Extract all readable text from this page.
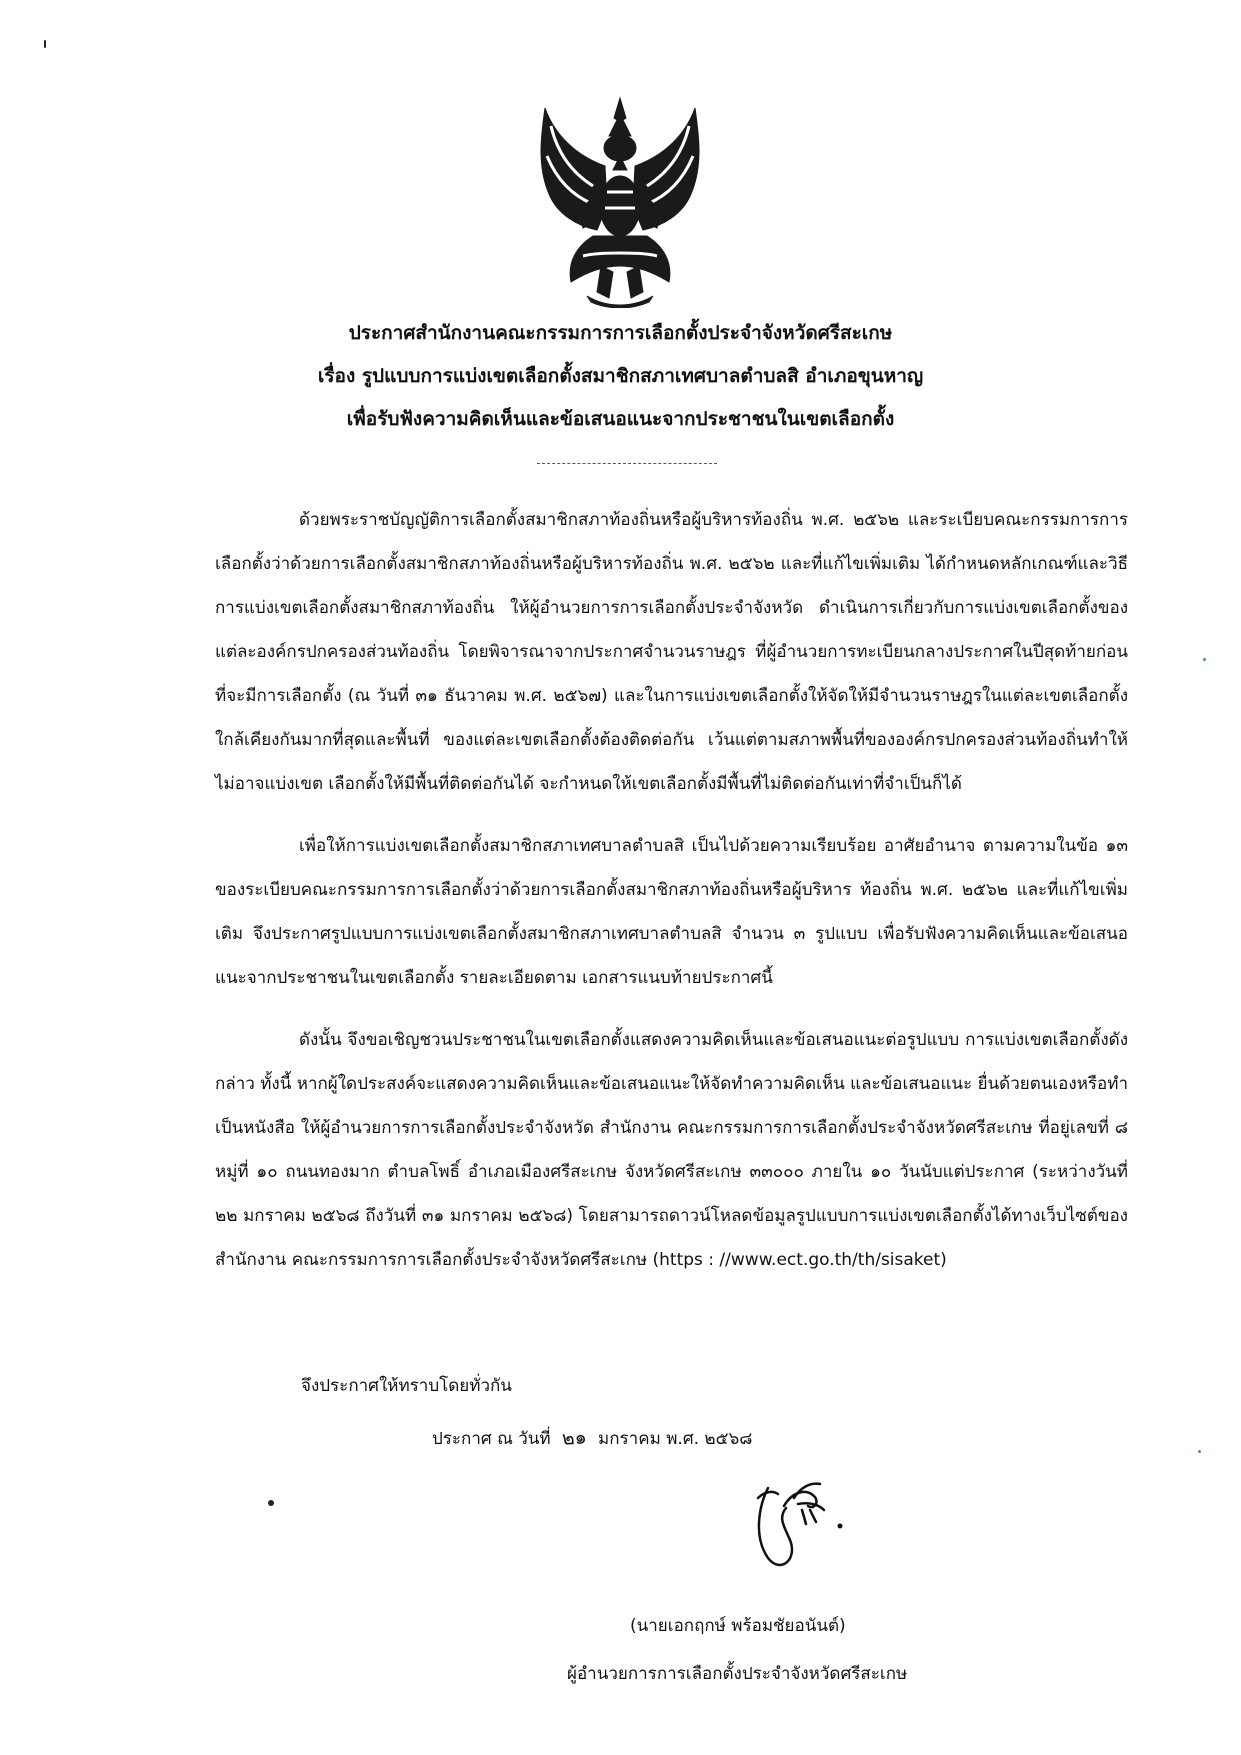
ประกาศสำนักงานคณะกรรมการการเลือกตั้งประจำจังหวัดศรีสะเกษ
เรื่อง รูปแบบการแบ่งเขตเลือกตั้งสมาชิกสภาเทศบาลตำบลสิ อำเภอขุนหาญ
เพื่อรับฟังความคิดเห็นและข้อเสนอแนะจากประชาชนในเขตเลือกตั้ง

ด้วยพระราชบัญญัติการเลือกตั้งสมาชิกสภาท้องถิ่นหรือผู้บริหารท้องถิ่น พ.ศ. ๒๕๖๒ และระเบียบคณะกรรมการการเลือกตั้งว่าด้วยการเลือกตั้งสมาชิกสภาท้องถิ่นหรือผู้บริหารท้องถิ่น พ.ศ. ๒๕๖๒ และที่แก้ไขเพิ่มเติม ได้กำหนดหลักเกณฑ์และวิธีการแบ่งเขตเลือกตั้งสมาชิกสภาท้องถิ่น ให้ผู้อำนวยการการเลือกตั้งประจำจังหวัด ดำเนินการเกี่ยวกับการแบ่งเขตเลือกตั้งของแต่ละองค์กรปกครองส่วนท้องถิ่น โดยพิจารณาจากประกาศจำนวนราษฎร ที่ผู้อำนวยการทะเบียนกลางประกาศในปีสุดท้ายก่อนที่จะมีการเลือกตั้ง (ณ วันที่ ๓๑ ธันวาคม พ.ศ. ๒๕๖๗) และในการแบ่งเขตเลือกตั้งให้จัดให้มีจำนวนราษฎรในแต่ละเขตเลือกตั้งใกล้เคียงกันมากที่สุดและพื้นที่ ของแต่ละเขตเลือกตั้งต้องติดต่อกัน เว้นแต่ตามสภาพพื้นที่ขององค์กรปกครองส่วนท้องถิ่นทำให้ไม่อาจแบ่งเขต เลือกตั้งให้มีพื้นที่ติดต่อกันได้ จะกำหนดให้เขตเลือกตั้งมีพื้นที่ไม่ติดต่อกันเท่าที่จำเป็นก็ได้

เพื่อให้การแบ่งเขตเลือกตั้งสมาชิกสภาเทศบาลตำบลสิ เป็นไปด้วยความเรียบร้อย อาศัยอำนาจ ตามความในข้อ ๑๓ ของระเบียบคณะกรรมการการเลือกตั้งว่าด้วยการเลือกตั้งสมาชิกสภาท้องถิ่นหรือผู้บริหาร ท้องถิ่น พ.ศ. ๒๕๖๒ และที่แก้ไขเพิ่มเติม จึงประกาศรูปแบบการแบ่งเขตเลือกตั้งสมาชิกสภาเทศบาลตำบลสิ จำนวน ๓ รูปแบบ เพื่อรับฟังความคิดเห็นและข้อเสนอแนะจากประชาชนในเขตเลือกตั้ง รายละเอียดตาม เอกสารแนบท้ายประกาศนี้

ดังนั้น จึงขอเชิญชวนประชาชนในเขตเลือกตั้งแสดงความคิดเห็นและข้อเสนอแนะต่อรูปแบบ การแบ่งเขตเลือกตั้งดังกล่าว ทั้งนี้ หากผู้ใดประสงค์จะแสดงความคิดเห็นและข้อเสนอแนะให้จัดทำความคิดเห็น และข้อเสนอแนะ ยื่นด้วยตนเองหรือทำเป็นหนังสือ ให้ผู้อำนวยการการเลือกตั้งประจำจังหวัด สำนักงาน คณะกรรมการการเลือกตั้งประจำจังหวัดศรีสะเกษ ที่อยู่เลขที่ ๘ หมู่ที่ ๑๐ ถนนทองมาก ตำบลโพธิ์ อำเภอเมืองศรีสะเกษ จังหวัดศรีสะเกษ ๓๓๐๐๐ ภายใน ๑๐ วันนับแต่ประกาศ (ระหว่างวันที่ ๒๒ มกราคม ๒๕๖๘ ถึงวันที่ ๓๑ มกราคม ๒๕๖๘) โดยสามารถดาวน์โหลดข้อมูลรูปแบบการแบ่งเขตเลือกตั้งได้ทางเว็บไซต์ของสำนักงาน คณะกรรมการการเลือกตั้งประจำจังหวัดศรีสะเกษ (https : //www.ect.go.th/th/sisaket)

จึงประกาศให้ทราบโดยทั่วกัน
ประกาศ ณ วันที่ ๒๑ มกราคม พ.ศ. ๒๕๖๘
(นายเอกฤกษ์ พร้อมชัยอนันต์)
ผู้อำนวยการการเลือกตั้งประจำจังหวัดศรีสะเกษ
